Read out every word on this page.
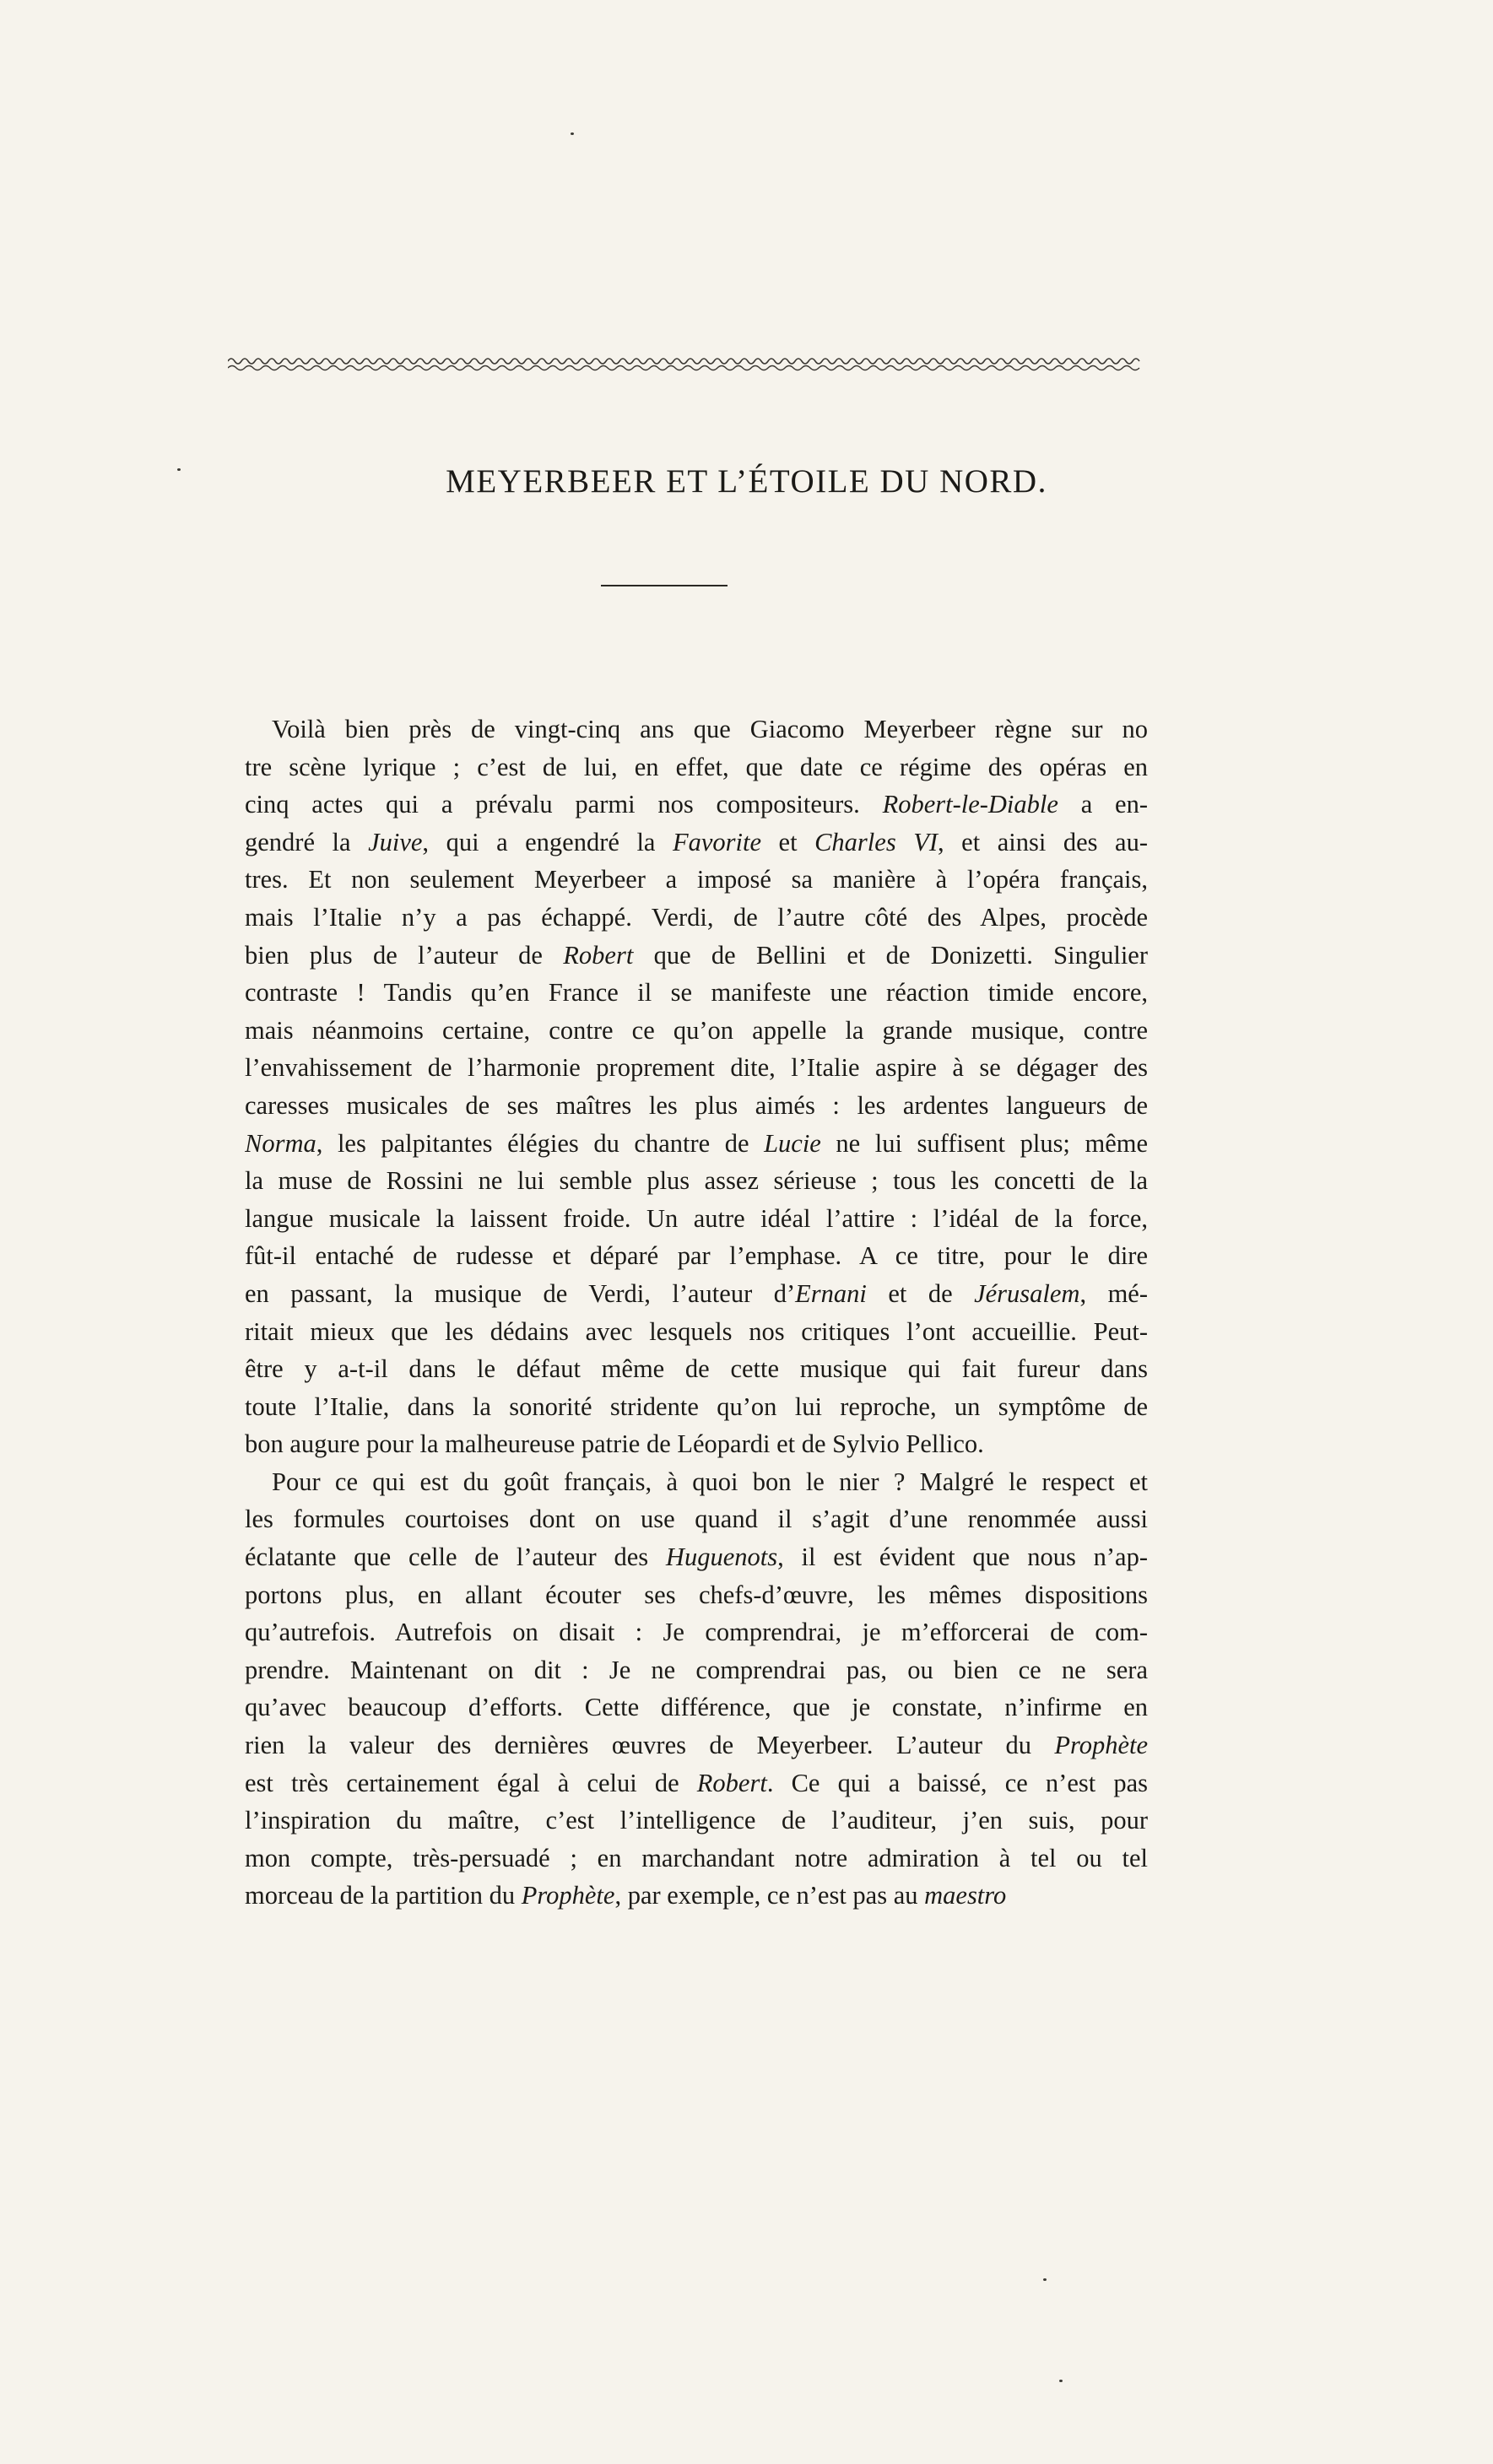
MEYERBEER ET L’ÉTOILE DU NORD.
Voilà bien près de vingt-cinq ans que Giacomo Meyerbeer règne sur no
tre scène lyrique ; c’est de lui, en effet, que date ce régime des opéras en
cinq actes qui a prévalu parmi nos compositeurs. Robert-le-Diable a en-
gendré la Juive, qui a engendré la Favorite et Charles VI, et ainsi des au-
tres. Et non seulement Meyerbeer a imposé sa manière à l’opéra français,
mais l’Italie n’y a pas échappé. Verdi, de l’autre côté des Alpes, procède
bien plus de l’auteur de Robert que de Bellini et de Donizetti. Singulier
contraste ! Tandis qu’en France il se manifeste une réaction timide encore,
mais néanmoins certaine, contre ce qu’on appelle la grande musique, contre
l’envahissement de l’harmonie proprement dite, l’Italie aspire à se dégager des
caresses musicales de ses maîtres les plus aimés : les ardentes langueurs de
Norma, les palpitantes élégies du chantre de Lucie ne lui suffisent plus; même
la muse de Rossini ne lui semble plus assez sérieuse ; tous les concetti de la
langue musicale la laissent froide. Un autre idéal l’attire : l’idéal de la force,
fût-il entaché de rudesse et déparé par l’emphase. A ce titre, pour le dire
en passant, la musique de Verdi, l’auteur d’Ernani et de Jérusalem, mé-
ritait mieux que les dédains avec lesquels nos critiques l’ont accueillie. Peut-
être y a-t-il dans le défaut même de cette musique qui fait fureur dans
toute l’Italie, dans la sonorité stridente qu’on lui reproche, un symptôme de
bon augure pour la malheureuse patrie de Léopardi et de Sylvio Pellico.
Pour ce qui est du goût français, à quoi bon le nier ? Malgré le respect et
les formules courtoises dont on use quand il s’agit d’une renommée aussi
éclatante que celle de l’auteur des Huguenots, il est évident que nous n’ap-
portons plus, en allant écouter ses chefs-d’œuvre, les mêmes dispositions
qu’autrefois. Autrefois on disait : Je comprendrai, je m’efforcerai de com-
prendre. Maintenant on dit : Je ne comprendrai pas, ou bien ce ne sera
qu’avec beaucoup d’efforts. Cette différence, que je constate, n’infirme en
rien la valeur des dernières œuvres de Meyerbeer. L’auteur du Prophète
est très certainement égal à celui de Robert. Ce qui a baissé, ce n’est pas
l’inspiration du maître, c’est l’intelligence de l’auditeur, j’en suis, pour
mon compte, très-persuadé ; en marchandant notre admiration à tel ou tel
morceau de la partition du Prophète, par exemple, ce n’est pas au maestro
